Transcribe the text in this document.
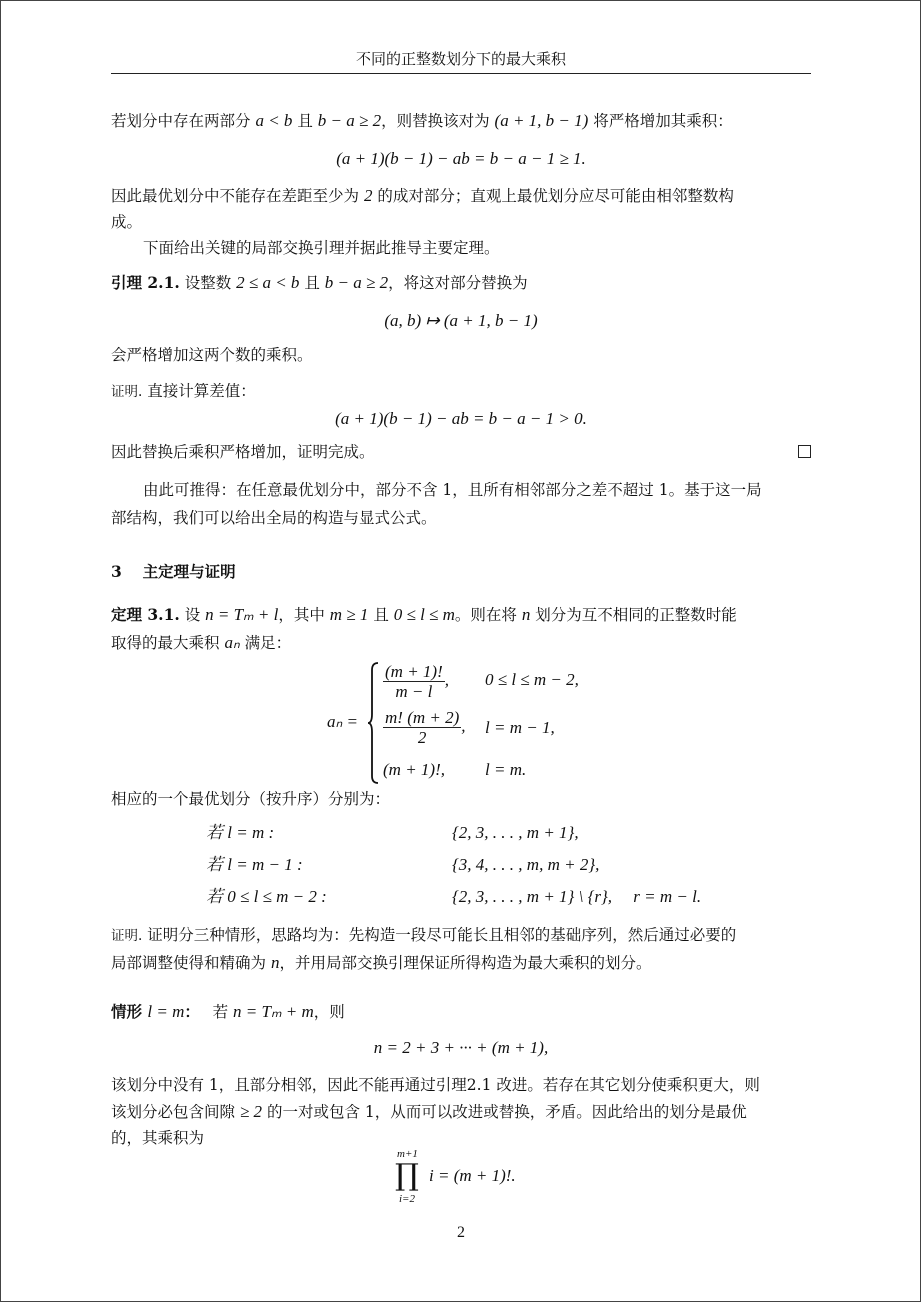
不同的正整数划分下的最大乘积
若划分中存在两部分 a < b 且 b − a ≥ 2，则替换该对为 (a + 1, b − 1) 将严格增加其乘积：
(a + 1)(b − 1) − ab = b − a − 1 ≥ 1.
因此最优划分中不能存在差距至少为 2 的成对部分；直观上最优划分应尽可能由相邻整数构
成。
下面给出关键的局部交换引理并据此推导主要定理。
引理 2.1. 设整数 2 ≤ a < b 且 b − a ≥ 2，将这对部分替换为
(a, b) ↦ (a + 1, b − 1)
会严格增加这两个数的乘积。
证明. 直接计算差值：
(a + 1)(b − 1) − ab = b − a − 1 > 0.
因此替换后乘积严格增加，证明完成。
由此可推得：在任意最优划分中，部分不含 1，且所有相邻部分之差不超过 1。基于这一局
部结构，我们可以给出全局的构造与显式公式。
3　 主定理与证明
定理 3.1. 设 n = Tₘ + l，其中 m ≥ 1 且 0 ≤ l ≤ m。则在将 n 划分为互不相同的正整数时能
取得的最大乘积 aₙ 满足：
相应的一个最优划分（按升序）分别为：
证明. 证明分三种情形，思路均为：先构造一段尽可能长且相邻的基础序列，然后通过必要的
局部调整使得和精确为 n，并用局部交换引理保证所得构造为最大乘积的划分。
情形 l = m：　 若 n = Tₘ + m，则
n = 2 + 3 + ··· + (m + 1),
该划分中没有 1，且部分相邻，因此不能再通过引理2.1 改进。若存在其它划分使乘积更大，则
该划分必包含间隙 ≥ 2 的一对或包含 1，从而可以改进或替换，矛盾。因此给出的划分是最优
的，其乘积为
aₙ =
$\frac{(m + 1)!}{m - l}$ , 0 ≤ l ≤ m − 2,
$\frac{m! (m + 2)}{2}$ , l = m − 1,
(m + 1)!, l = m.
若 l = m :	{2, 3, . . . , m + 1},
若 l = m − 1 :	{3, 4, . . . , m, m + 2},
若 0 ≤ l ≤ m − 2 :	{2, 3, . . . , m + 1} \ {r},　 r = m − l.
m+1
∏
i=2
i = (m + 1)!.
2
